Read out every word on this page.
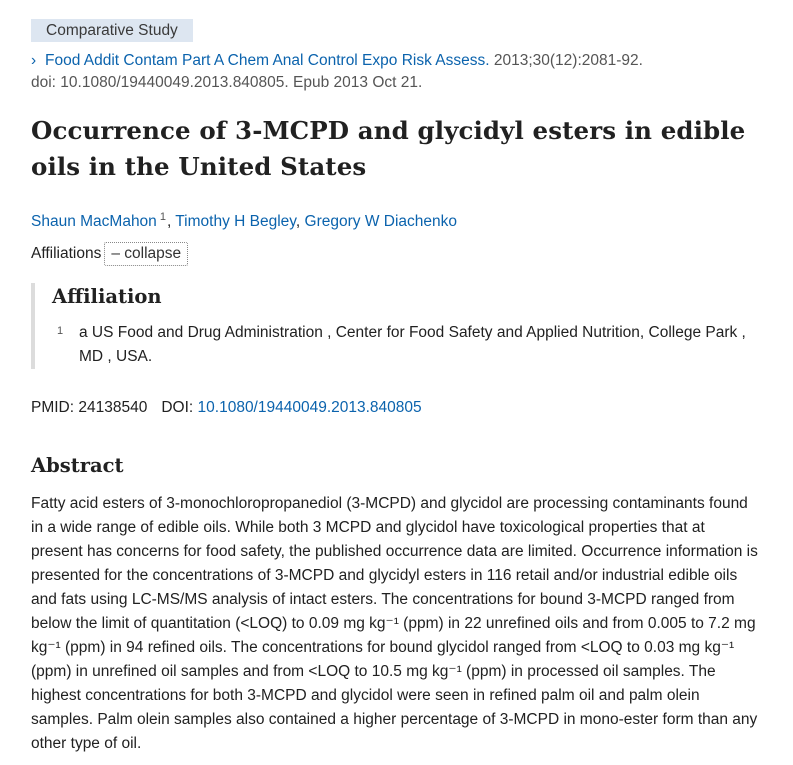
Comparative Study
› Food Addit Contam Part A Chem Anal Control Expo Risk Assess. 2013;30(12):2081-92.
doi: 10.1080/19440049.2013.840805. Epub 2013 Oct 21.
Occurrence of 3-MCPD and glycidyl esters in edible oils in the United States
Shaun MacMahon $^1$, Timothy H Begley, Gregory W Diachenko
Affiliations – collapse
Affiliation
1 a US Food and Drug Administration , Center for Food Safety and Applied Nutrition, College Park , MD , USA.
PMID: 24138540 DOI: 10.1080/19440049.2013.840805
Abstract

Fatty acid esters of 3-monochloropropanediol (3-MCPD) and glycidol are processing contaminants found in a wide range of edible oils. While both 3 MCPD and glycidol have toxicological properties that at present has concerns for food safety, the published occurrence data are limited. Occurrence information is presented for the concentrations of 3-MCPD and glycidyl esters in 116 retail and/or industrial edible oils and fats using LC-MS/MS analysis of intact esters. The concentrations for bound 3-MCPD ranged from below the limit of quantitation (<LOQ) to 0.09 mg kg⁻¹ (ppm) in 22 unrefined oils and from 0.005 to 7.2 mg kg⁻¹ (ppm) in 94 refined oils. The concentrations for bound glycidol ranged from <LOQ to 0.03 mg kg⁻¹ (ppm) in unrefined oil samples and from <LOQ to 10.5 mg kg⁻¹ (ppm) in processed oil samples. The highest concentrations for both 3-MCPD and glycidol were seen in refined palm oil and palm olein samples. Palm olein samples also contained a higher percentage of 3-MCPD in mono-ester form than any other type of oil.
